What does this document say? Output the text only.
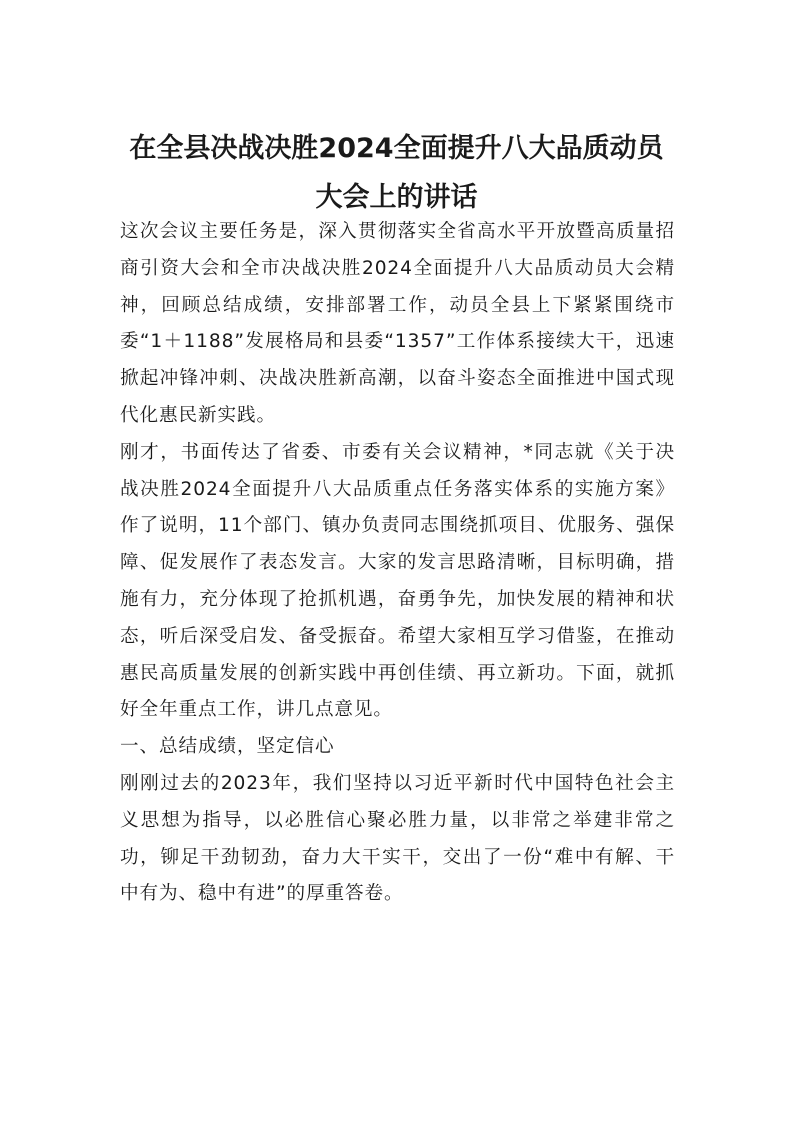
在全县决战决胜2024全面提升八大品质动员大会上的讲话

这次会议主要任务是，深入贯彻落实全省高水平开放暨高质量招商引资大会和全市决战决胜2024全面提升八大品质动员大会精神，回顾总结成绩，安排部署工作，动员全县上下紧紧围绕市委“1＋1188”发展格局和县委“1357”工作体系接续大干，迅速掀起冲锋冲刺、决战决胜新高潮，以奋斗姿态全面推进中国式现代化惠民新实践。

刚才，书面传达了省委、市委有关会议精神，*同志就《关于决战决胜2024全面提升八大品质重点任务落实体系的实施方案》作了说明，11个部门、镇办负责同志围绕抓项目、优服务、强保障、促发展作了表态发言。大家的发言思路清晰，目标明确，措施有力，充分体现了抢抓机遇，奋勇争先，加快发展的精神和状态，听后深受启发、备受振奋。希望大家相互学习借鉴，在推动惠民高质量发展的创新实践中再创佳绩、再立新功。下面，就抓好全年重点工作，讲几点意见。

一、总结成绩，坚定信心

刚刚过去的2023年，我们坚持以习近平新时代中国特色社会主义思想为指导，以必胜信心聚必胜力量，以非常之举建非常之功，铆足干劲韧劲，奋力大干实干，交出了一份“难中有解、干中有为、稳中有进”的厚重答卷。
